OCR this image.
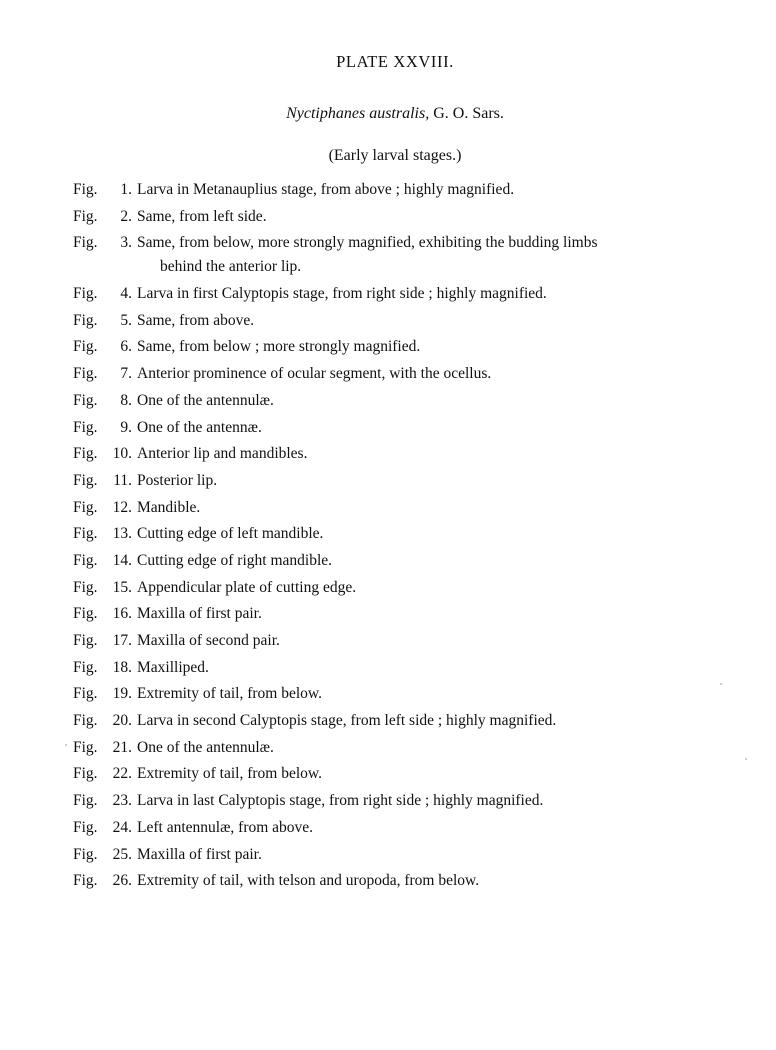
PLATE XXVIII.
Nyctiphanes australis, G. O. Sars.
(Early larval stages.)
Fig.	1. Larva in Metanauplius stage, from above ; highly magnified.
Fig.	2. Same, from left side.
Fig.	3. Same, from below, more strongly magnified, exhibiting the budding limbs
behind the anterior lip.
Fig.	4. Larva in first Calyptopis stage, from right side ; highly magnified.
Fig.	5. Same, from above.
Fig.	6. Same, from below ; more strongly magnified.
Fig.	7. Anterior prominence of ocular segment, with the ocellus.
Fig.	8. One of the antennulæ.
Fig.	9. One of the antennæ.
Fig. 10. Anterior lip and mandibles.
Fig.	11. Posterior lip.
Fig. 12. Mandible.
Fig. 13. Cutting edge of left mandible.
Fig. 14. Cutting edge of right mandible.
Fig. 15. Appendicular plate of cutting edge.
Fig. 16. Maxilla of first pair.
Fig. 17. Maxilla of second pair.
Fig. 18. Maxilliped.
Fig. 19. Extremity of tail, from below.
Fig. 20. Larva in second Calyptopis stage, from left side ; highly magnified.
Fig. 21. One of the antennulæ.
Fig. 22. Extremity of tail, from below.
Fig. 23. Larva in last Calyptopis stage, from right side ; highly magnified.
Fig. 24. Left antennulæ, from above.
Fig. 25. Maxilla of first pair.
Fig. 26. Extremity of tail, with telson and uropoda, from below.
